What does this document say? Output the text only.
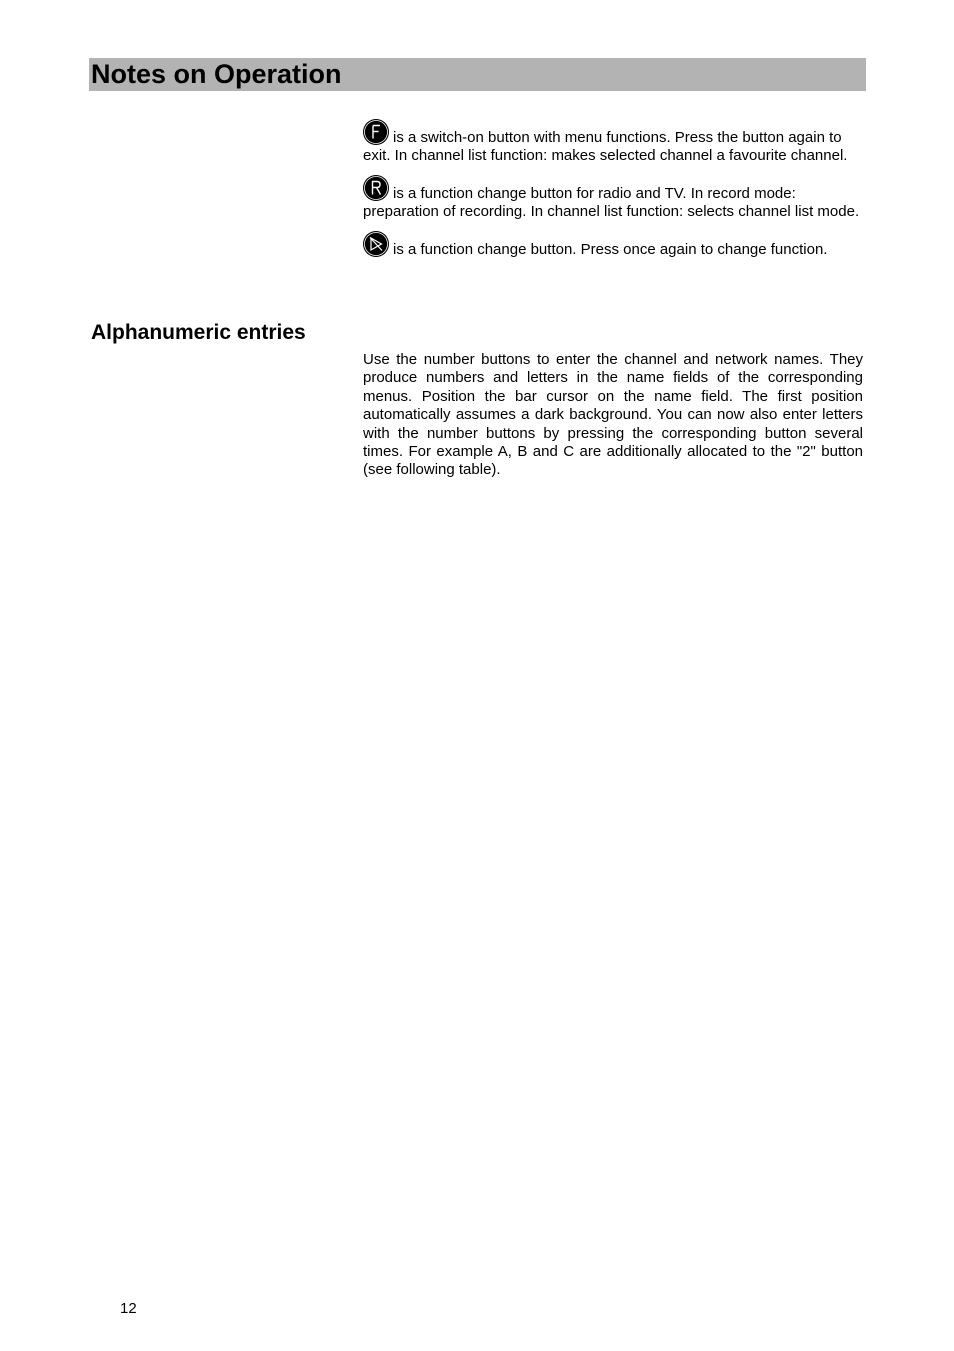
Notes on Operation

is a switch-on button with menu functions. Press the button again to exit. In channel list function: makes selected channel a favourite channel.

is a function change button for radio and TV. In record mode: preparation of recording. In channel list function: selects channel list mode.

is a function change button. Press once again to change function.

Alphanumeric entries

Use the number buttons to enter the channel and network names. They produce numbers and letters in the name fields of the corresponding menus. Position the bar cursor on the name field. The first position automatically assumes a dark background. You can now also enter letters with the number buttons by pressing the corresponding button several times. For example A, B and C are additionally allocated to the "2" button (see following table).

12
